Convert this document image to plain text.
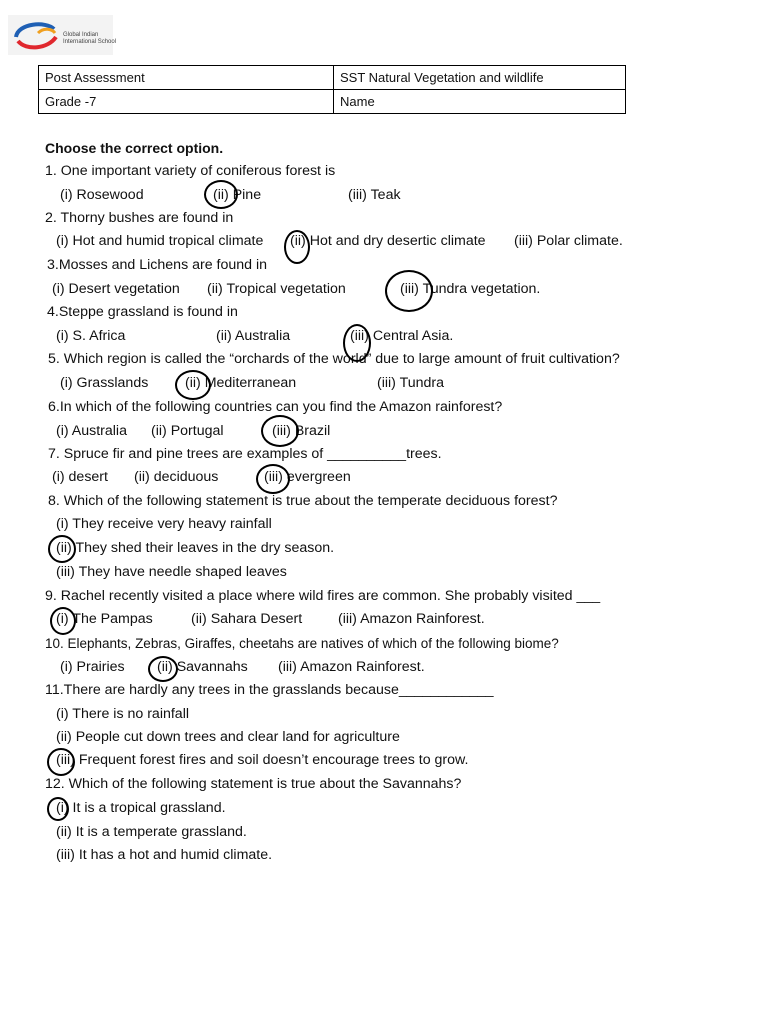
Global Indian International School
Post Assessment	SST Natural Vegetation and wildlife
Grade -7	Name
Choose the correct option.
1. One important variety of coniferous forest is
(i) Rosewood	(ii) Pine	(iii) Teak
2. Thorny bushes are found in
(i) Hot and humid tropical climate (ii) Hot and dry desertic climate (iii) Polar climate.
3.Mosses and Lichens are found in
(i) Desert vegetation (ii) Tropical vegetation	(iii) Tundra vegetation.
4.Steppe grassland is found in
(i) S. Africa	(ii) Australia	(iii) Central Asia.
5. Which region is called the “orchards of the world” due to large amount of fruit cultivation?
(i) Grasslands	(ii) Mediterranean	(iii) Tundra
6.In which of the following countries can you find the Amazon rainforest?
(i) Australia (ii) Portugal	(iii) Brazil
7. Spruce fir and pine trees are examples of __________trees.
(i) desert (ii) deciduous	(iii) evergreen
8. Which of the following statement is true about the temperate deciduous forest?
(i) They receive very heavy rainfall
(ii) They shed their leaves in the dry season.
(iii) They have needle shaped leaves
9. Rachel recently visited a place where wild fires are common. She probably visited ___
(i) The Pampas	(ii) Sahara Desert	(iii) Amazon Rainforest.
10. Elephants, Zebras, Giraffes, cheetahs are natives of which of the following biome?
(i) Prairies (ii) Savannahs (iii) Amazon Rainforest.
11.There are hardly any trees in the grasslands because____________
(i) There is no rainfall
(ii) People cut down trees and clear land for agriculture
(iii) Frequent forest fires and soil doesn’t encourage trees to grow.
12. Which of the following statement is true about the Savannahs?
(i) It is a tropical grassland.
(ii) It is a temperate grassland.
(iii) It has a hot and humid climate.
